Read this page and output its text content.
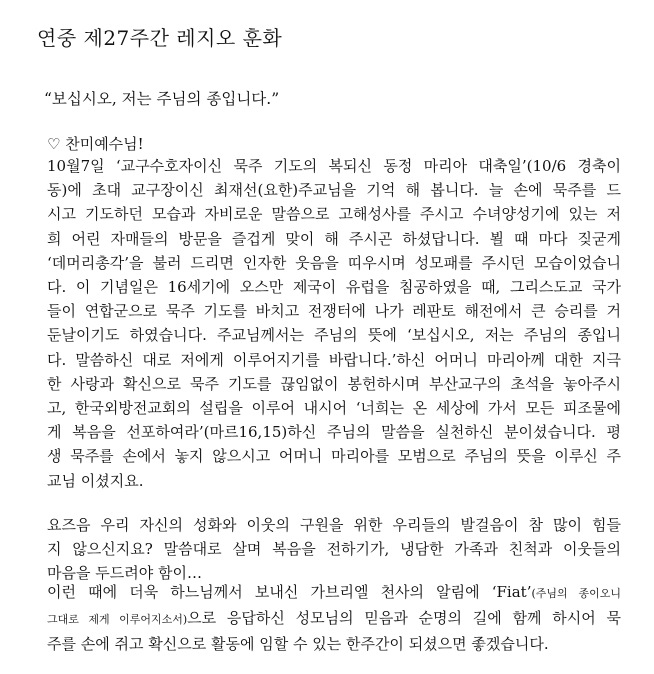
연중 제27주간 레지오 훈화
“보십시오, 저는 주님의 종입니다.”
♡ 찬미예수님!
10월7일 ‘교구수호자이신 묵주 기도의 복되신 동정 마리아 대축일’(10/6 경축이
동)에 초대 교구장이신 최재선(요한)주교님을 기억 해 봅니다. 늘 손에 묵주를 드
시고 기도하던 모습과 자비로운 말씀으로 고해성사를 주시고 수녀양성기에 있는 저
희 어린 자매들의 방문을 즐겁게 맞이 해 주시곤 하셨답니다. 뵐 때 마다 짖굳게
‘데머리총각’을 불러 드리면 인자한 웃음을 띠우시며 성모패를 주시던 모습이었습니
다. 이 기념일은 16세기에 오스만 제국이 유럽을 침공하였을 때, 그리스도교 국가
들이 연합군으로 묵주 기도를 바치고 전쟁터에 나가 레판토 해전에서 큰 승리를 거
둔날이기도 하였습니다. 주교님께서는 주님의 뜻에 ‘보십시오, 저는 주님의 종입니
다. 말씀하신 대로 저에게 이루어지기를 바랍니다.’하신 어머니 마리아께 대한 지극
한 사랑과 확신으로 묵주 기도를 끊임없이 봉헌하시며 부산교구의 초석을 놓아주시
고, 한국외방전교회의 설립을 이루어 내시어 ‘너희는 온 세상에 가서 모든 피조물에
게 복음을 선포하여라’(마르16,15)하신 주님의 말씀을 실천하신 분이셨습니다. 평
생 묵주를 손에서 놓지 않으시고 어머니 마리아를 모범으로 주님의 뜻을 이루신 주
교님 이셨지요.
요즈음 우리 자신의 성화와 이웃의 구원을 위한 우리들의 발걸음이 참 많이 힘들
지 않으신지요? 말씀대로 살며 복음을 전하기가, 냉담한 가족과 친척과 이웃들의
마음을 두드려야 함이…
이런 때에 더욱 하느님께서 보내신 가브리엘 천사의 알림에 ‘Fiat’(주님의 종이오니
그대로 제게 이루어지소서)으로 응답하신 성모님의 믿음과 순명의 길에 함께 하시어 묵
주를 손에 쥐고 확신으로 활동에 임할 수 있는 한주간이 되셨으면 좋겠습니다.
